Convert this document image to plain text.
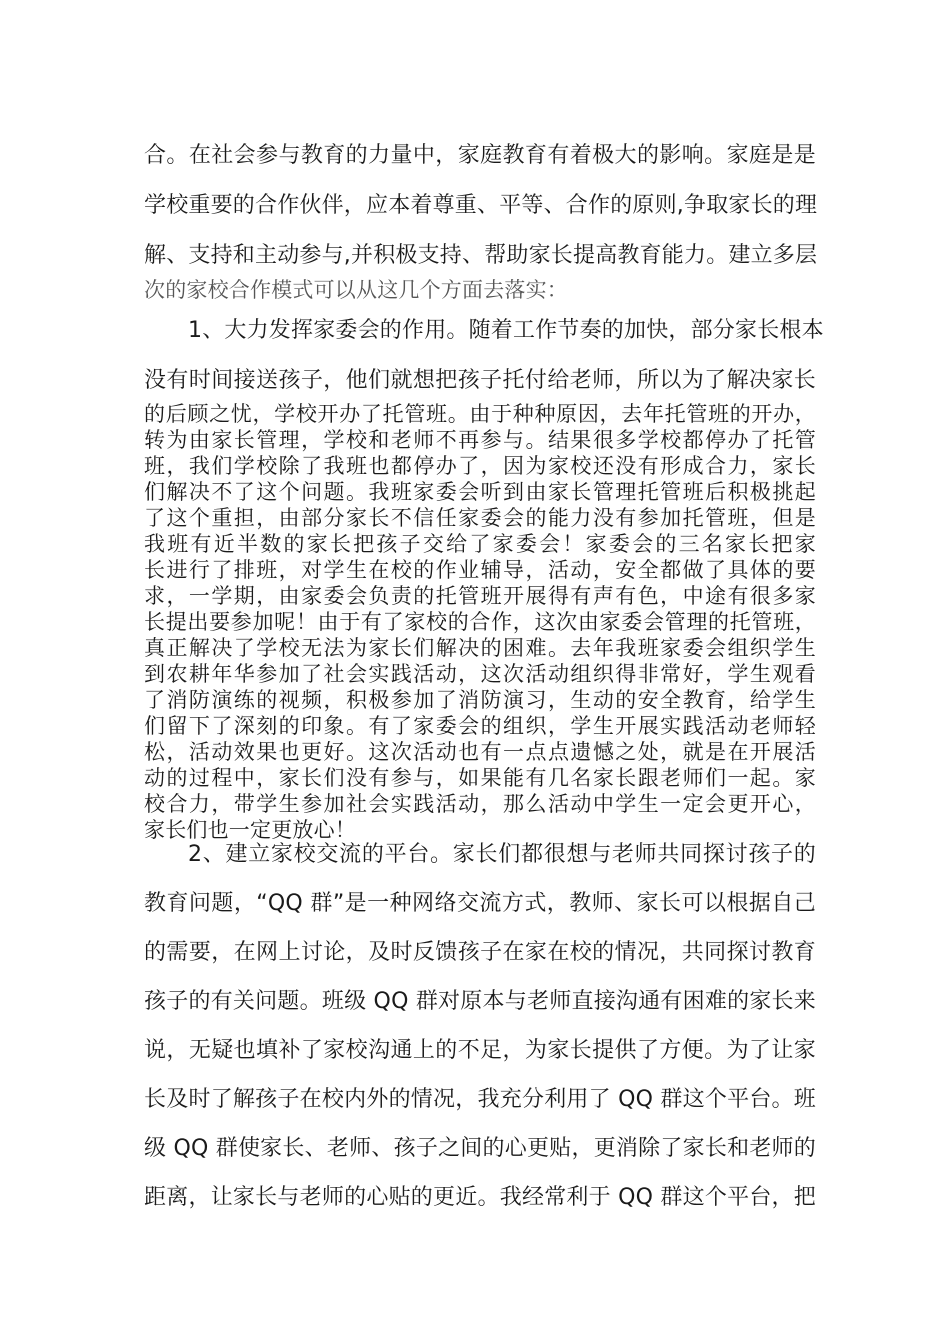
合。在社会参与教育的力量中，家庭教育有着极大的影响。家庭是是
学校重要的合作伙伴，应本着尊重、平等、合作的原则,争取家长的理
解、支持和主动参与,并积极支持、帮助家长提高教育能力。建立多层
次的家校合作模式可以从这几个方面去落实：
1、大力发挥家委会的作用。随着工作节奏的加快，部分家长根本
没有时间接送孩子，他们就想把孩子托付给老师，所以为了解决家长
的后顾之忧，学校开办了托管班。由于种种原因，去年托管班的开办，
转为由家长管理，学校和老师不再参与。结果很多学校都停办了托管
班，我们学校除了我班也都停办了，因为家校还没有形成合力，家长
们解决不了这个问题。我班家委会听到由家长管理托管班后积极挑起
了这个重担，由部分家长不信任家委会的能力没有参加托管班，但是
我班有近半数的家长把孩子交给了家委会！家委会的三名家长把家
长进行了排班，对学生在校的作业辅导，活动，安全都做了具体的要
求，一学期，由家委会负责的托管班开展得有声有色，中途有很多家
长提出要参加呢！由于有了家校的合作，这次由家委会管理的托管班，
真正解决了学校无法为家长们解决的困难。去年我班家委会组织学生
到农耕年华参加了社会实践活动，这次活动组织得非常好，学生观看
了消防演练的视频，积极参加了消防演习，生动的安全教育，给学生
们留下了深刻的印象。有了家委会的组织，学生开展实践活动老师轻
松，活动效果也更好。这次活动也有一点点遗憾之处，就是在开展活
动的过程中，家长们没有参与，如果能有几名家长跟老师们一起。家
校合力，带学生参加社会实践活动，那么活动中学生一定会更开心，
家长们也一定更放心！
2、建立家校交流的平台。家长们都很想与老师共同探讨孩子的
教育问题，“QQ 群”是一种网络交流方式，教师、家长可以根据自己
的需要，在网上讨论，及时反馈孩子在家在校的情况，共同探讨教育
孩子的有关问题。班级 QQ 群对原本与老师直接沟通有困难的家长来
说，无疑也填补了家校沟通上的不足，为家长提供了方便。为了让家
长及时了解孩子在校内外的情况，我充分利用了 QQ 群这个平台。班
级 QQ 群使家长、老师、孩子之间的心更贴，更消除了家长和老师的
距离，让家长与老师的心贴的更近。我经常利于 QQ 群这个平台，把
